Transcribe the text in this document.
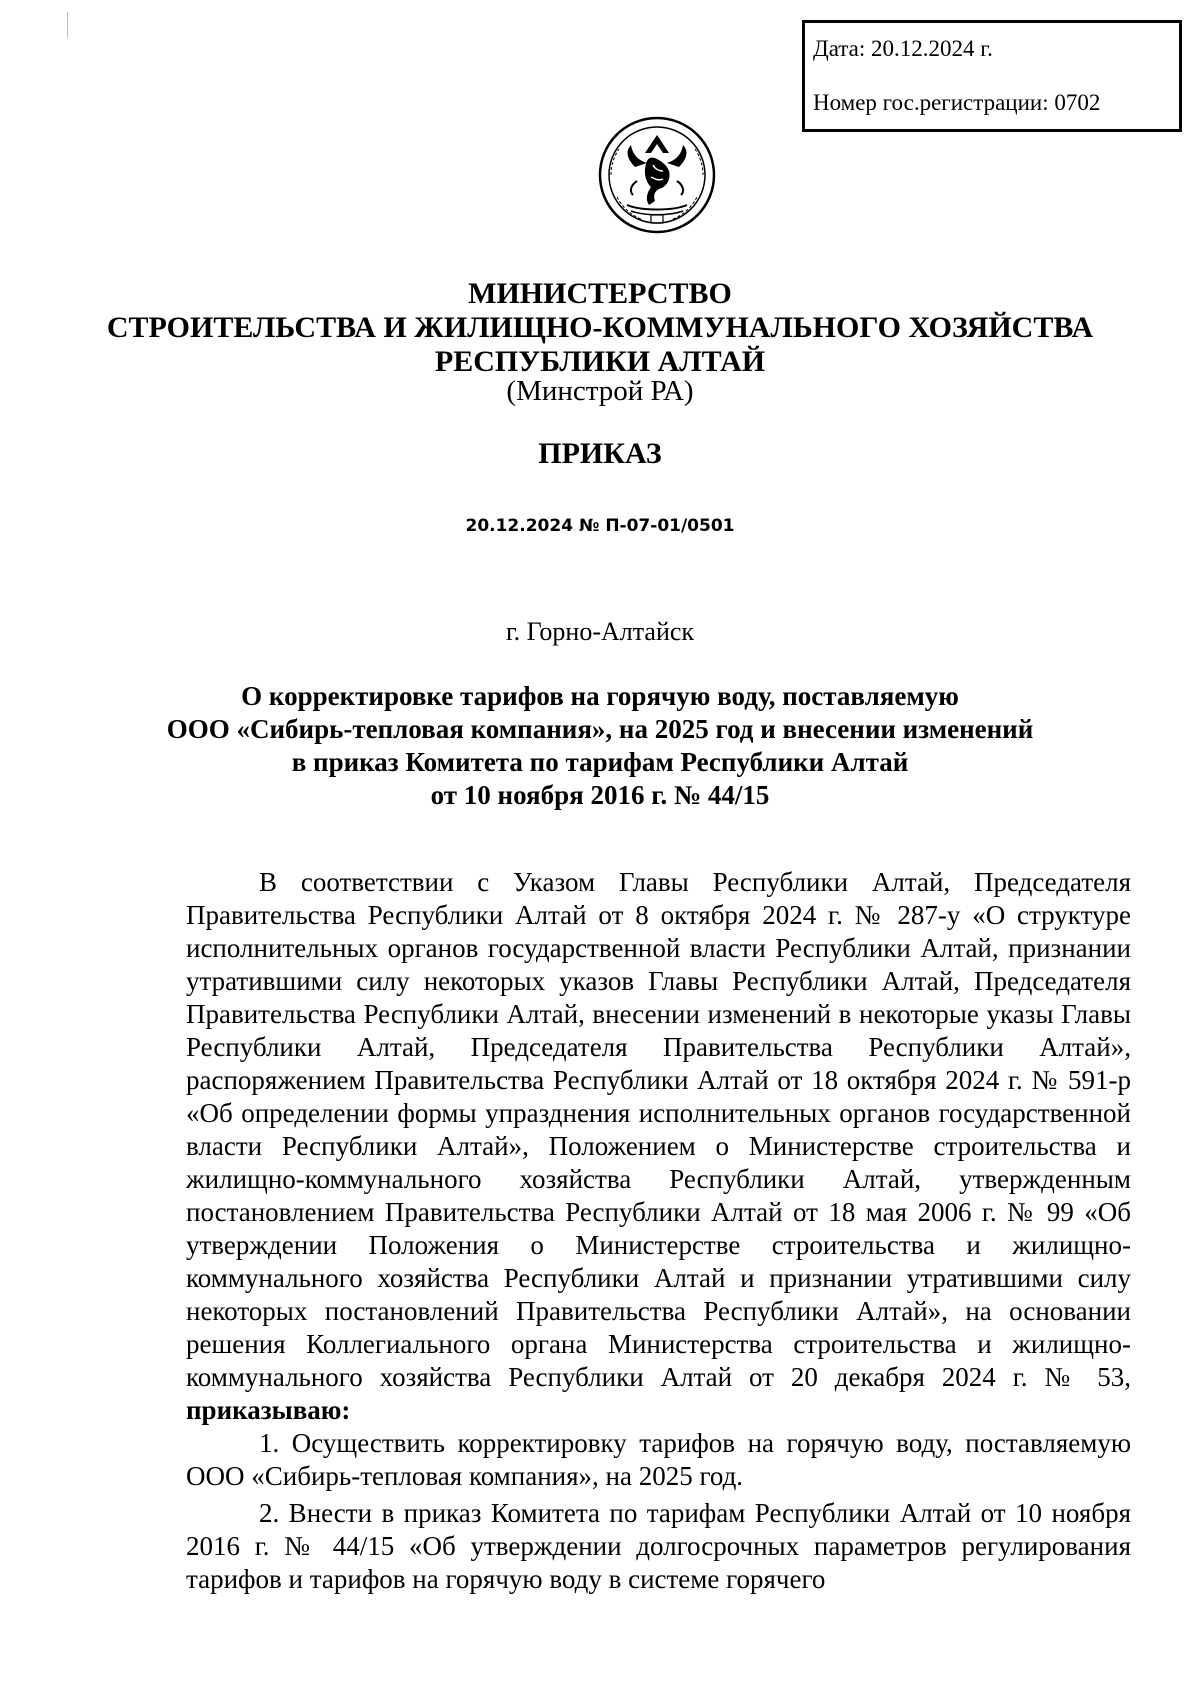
Дата: 20.12.2024 г.
Номер гос.регистрации: 0702
МИНИСТЕРСТВО
СТРОИТЕЛЬСТВА И ЖИЛИЩНО-КОММУНАЛЬНОГО ХОЗЯЙСТВА
РЕСПУБЛИКИ АЛТАЙ
(Минстрой РА)
ПРИКАЗ
20.12.2024 № П-07-01/0501
г. Горно-Алтайск
О корректировке тарифов на горячую воду, поставляемую
ООО «Сибирь-тепловая компания», на 2025 год и внесении изменений
в приказ Комитета по тарифам Республики Алтай
от 10 ноября 2016 г. № 44/15

В соответствии с Указом Главы Республики Алтай, Председателя Правительства Республики Алтай от 8 октября 2024 г. № 287-у «О структуре исполнительных органов государственной власти Республики Алтай, признании утратившими силу некоторых указов Главы Республики Алтай, Председателя Правительства Республики Алтай, внесении изменений в некоторые указы Главы Республики Алтай, Председателя Правительства Республики Алтай», распоряжением Правительства Республики Алтай от 18 октября 2024 г. № 591-р «Об определении формы упразднения исполнительных органов государственной власти Республики Алтай», Положением о Министерстве строительства и жилищно-коммунального хозяйства Республики Алтай, утвержденным постановлением Правительства Республики Алтай от 18 мая 2006 г. № 99 «Об утверждении Положения о Министерстве строительства и жилищно-коммунального хозяйства Республики Алтай и признании утратившими силу некоторых постановлений Правительства Республики Алтай», на основании решения Коллегиального органа Министерства строительства и жилищно-коммунального хозяйства Республики Алтай от 20 декабря 2024 г. № 53, приказываю:

1. Осуществить корректировку тарифов на горячую воду, поставляемую ООО «Сибирь-тепловая компания», на 2025 год.

2. Внести в приказ Комитета по тарифам Республики Алтай от 10 ноября 2016 г. № 44/15 «Об утверждении долгосрочных параметров регулирования тарифов и тарифов на горячую воду в системе горячего
